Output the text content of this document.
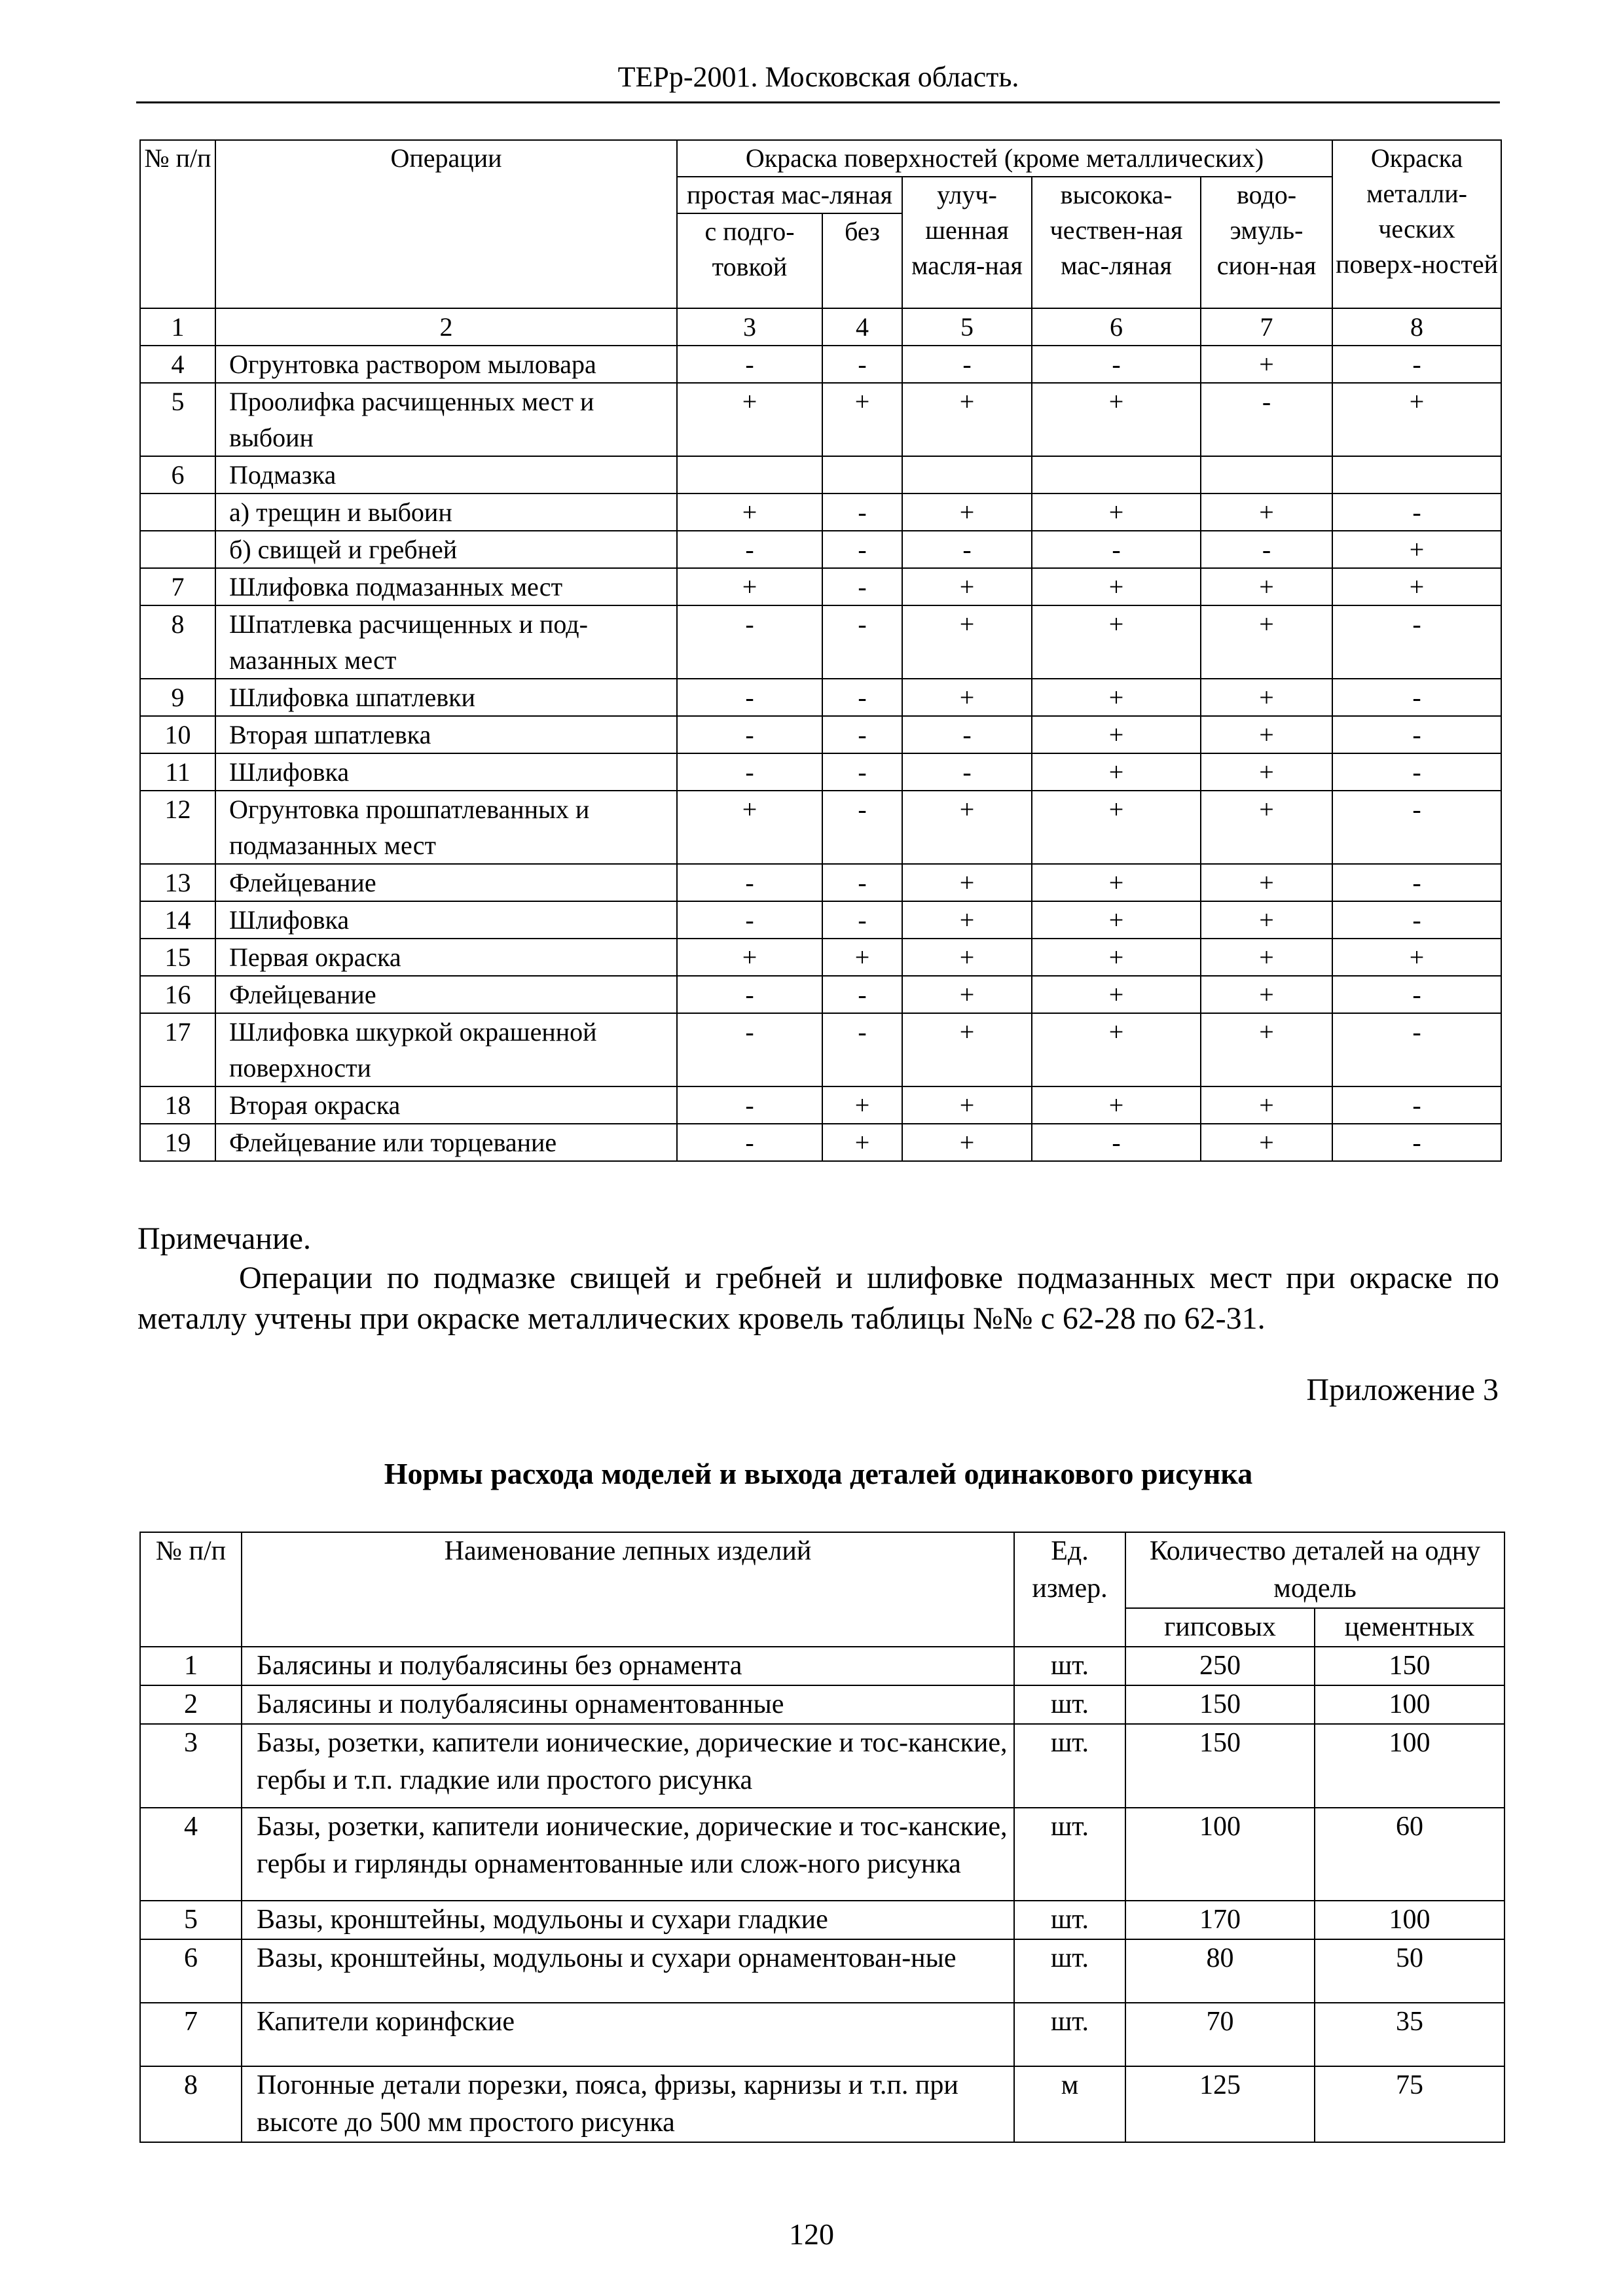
ТЕРр-2001. Московская область.
№ п/п	Операции	Окраска поверхностей (кроме металлических)					Окраска металли-ческих поверх-ностей
		простая мас-ляная		улуч-шенная масля-ная	высокока-чествен-ная мас-ляная	водо-эмуль-сион-ная	
		с подго-товкой	без				
1	2	3	4	5	6	7	8
4	Огрунтовка раствором мыловара	-	-	-	-	+	-
5	Проолифка расчищенных мест и выбоин	+	+	+	+	-	+
6	Подмазка						
	а) трещин и выбоин	+	-	+	+	+	-
	б) свищей и гребней	-	-	-	-	-	+
7	Шлифовка подмазанных мест	+	-	+	+	+	+
8	Шпатлевка расчищенных и под-мазанных мест	-	-	+	+	+	-
9	Шлифовка шпатлевки	-	-	+	+	+	-
10	Вторая шпатлевка	-	-	-	+	+	-
11	Шлифовка	-	-	-	+	+	-
12	Огрунтовка прошпатлеванных и подмазанных мест	+	-	+	+	+	-
13	Флейцевание	-	-	+	+	+	-
14	Шлифовка	-	-	+	+	+	-
15	Первая окраска	+	+	+	+	+	+
16	Флейцевание	-	-	+	+	+	-
17	Шлифовка шкуркой окрашенной поверхности	-	-	+	+	+	-
18	Вторая окраска	-	+	+	+	+	-
19	Флейцевание или торцевание	-	+	+	-	+	-
Примечание.
Операции по подмазке свищей и гребней и шлифовке подмазанных мест при окраске по металлу учтены при окраске металлических кровель таблицы №№ с 62-28 по 62-31.
Приложение 3
Нормы расхода моделей и выхода деталей одинакового рисунка
№ п/п	Наименование лепных изделий	Ед. измер.	Количество деталей на одну модель	
			гипсовых	цементных
1	Балясины и полубалясины без орнамента	шт.	250	150
2	Балясины и полубалясины орнаментованные	шт.	150	100
3	Базы, розетки, капители ионические, дорические и тос-канские, гербы и т.п. гладкие или простого рисунка	шт.	150	100
4	Базы, розетки, капители ионические, дорические и тос-канские, гербы и гирлянды орнаментованные или слож-ного рисунка	шт.	100	60
5	Вазы, кронштейны, модульоны и сухари гладкие	шт.	170	100
6	Вазы, кронштейны, модульоны и сухари орнаментован-ные	шт.	80	50
7	Капители коринфские	шт.	70	35
8	Погонные детали порезки, пояса, фризы, карнизы и т.п. при высоте до 500 мм простого рисунка	м	125	75
120
